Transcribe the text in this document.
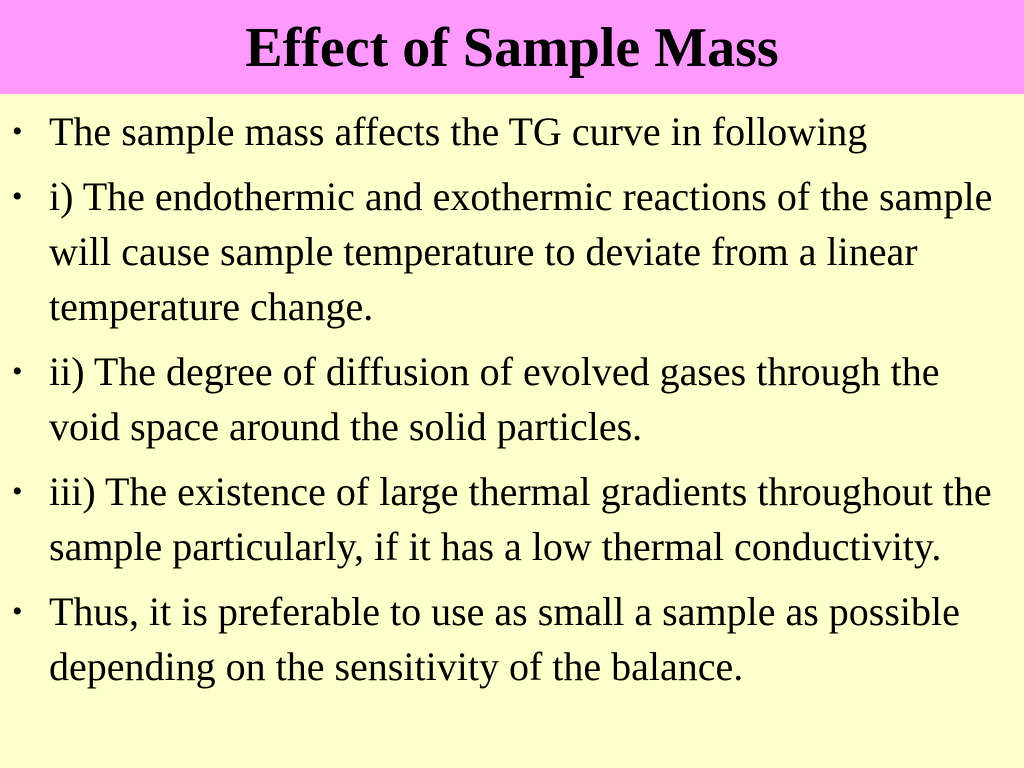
Effect of Sample Mass
• The sample mass affects the TG curve in following
• i) The endothermic and exothermic reactions of the sample will cause sample temperature to deviate from a linear temperature change.
• ii) The degree of diffusion of evolved gases through the void space around the solid particles.
• iii) The existence of large thermal gradients throughout the sample particularly, if it has a low thermal conductivity.
• Thus, it is preferable to use as small a sample as possible depending on the sensitivity of the balance.
